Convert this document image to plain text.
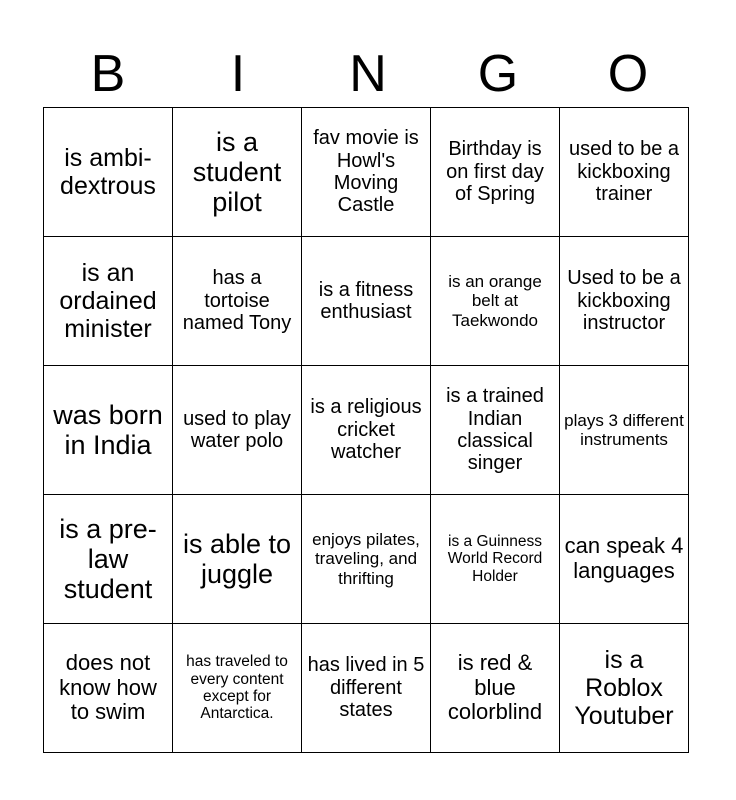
B	I	N	G	O
is ambi-dextrous	is a student pilot	fav movie is Howl's Moving Castle	Birthday is on first day of Spring	used to be a kickboxing trainer

is an ordained minister	has a tortoise named Tony	is a fitness enthusiast	is an orange belt at Taekwondo	Used to be a kickboxing instructor

was born in India	used to play water polo	is a religious cricket watcher	is a trained Indian classical singer	plays 3 different instruments

is a pre-law student	is able to juggle	enjoys pilates, traveling, and thrifting	is a Guinness World Record Holder	can speak 4 languages

does not know how to swim	has traveled to every content except for Antarctica.	has lived in 5 different states	is red & blue colorblind	is a Roblox Youtuber
